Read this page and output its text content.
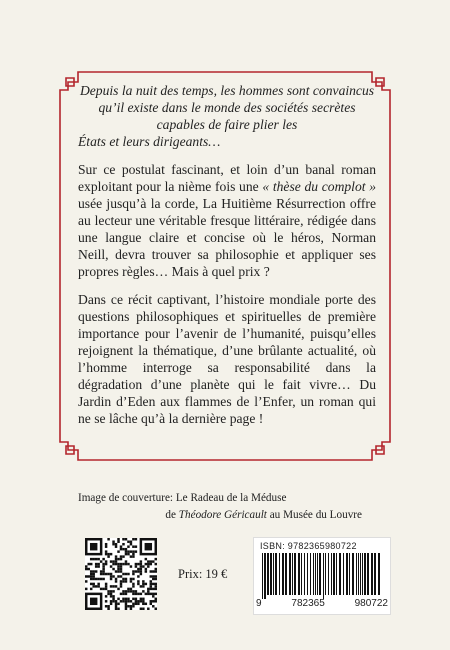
Depuis la nuit des temps, les hommes sont convaincus qu’il existe dans le monde des sociétés secrètes capables de faire plier les

États et leurs dirigeants…

Sur ce postulat fascinant, et loin d’un banal roman exploitant pour la nième fois une « thèse du complot » usée jusqu’à la corde, La Huitième Résurrection offre au lecteur une véritable fresque littéraire, rédigée dans une langue claire et concise où le héros, Norman Neill, devra trouver sa philosophie et appliquer ses propres règles… Mais à quel prix ?

Dans ce récit captivant, l’histoire mondiale porte des questions philosophiques et spirituelles de première importance pour l’avenir de l’humanité, puisqu’elles rejoignent la thématique, d’une brûlante actualité, où l’homme interroge sa responsabilité dans la dégradation d’une planète qui le fait vivre… Du Jardin d’Eden aux flammes de l’Enfer, un roman qui ne se lâche qu’à la dernière page !

Image de couverture: Le Radeau de la Méduse
de Théodore Géricault au Musée du Louvre
Prix: 19 €
ISBN: 9782365980722
9	782365	980722
